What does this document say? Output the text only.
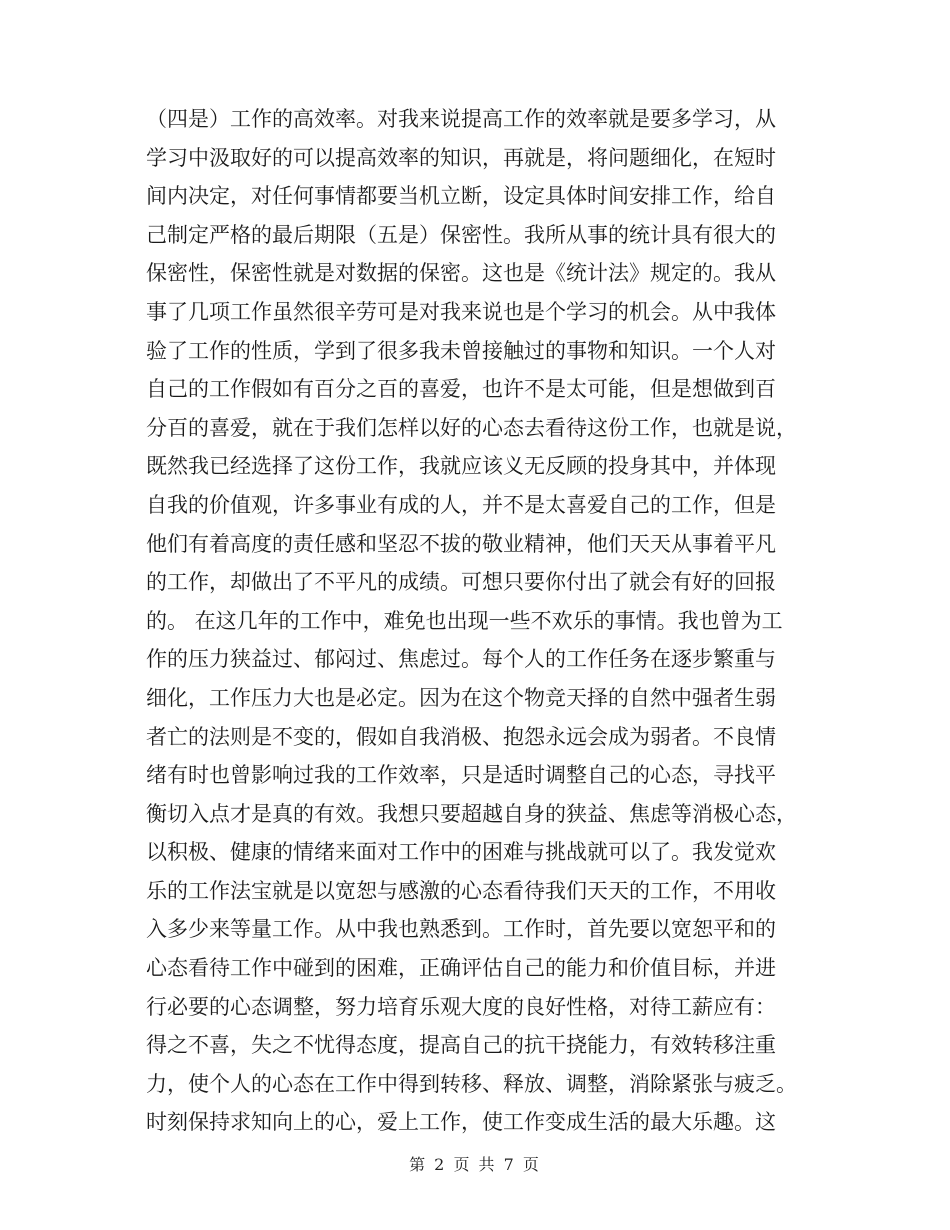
（四是）工作的高效率。对我来说提高工作的效率就是要多学习，从
学习中汲取好的可以提高效率的知识，再就是，将问题细化，在短时
间内决定，对任何事情都要当机立断，设定具体时间安排工作，给自
己制定严格的最后期限（五是）保密性。我所从事的统计具有很大的
保密性，保密性就是对数据的保密。这也是《统计法》规定的。我从
事了几项工作虽然很辛劳可是对我来说也是个学习的机会。从中我体
验了工作的性质，学到了很多我未曾接触过的事物和知识。一个人对
自己的工作假如有百分之百的喜爱，也许不是太可能，但是想做到百
分百的喜爱，就在于我们怎样以好的心态去看待这份工作，也就是说，
既然我已经选择了这份工作，我就应该义无反顾的投身其中，并体现
自我的价值观，许多事业有成的人，并不是太喜爱自己的工作，但是
他们有着高度的责任感和坚忍不拔的敬业精神，他们天天从事着平凡
的工作，却做出了不平凡的成绩。可想只要你付出了就会有好的回报
的。 在这几年的工作中，难免也出现一些不欢乐的事情。我也曾为工
作的压力狭益过、郁闷过、焦虑过。每个人的工作任务在逐步繁重与
细化，工作压力大也是必定。因为在这个物竞天择的自然中强者生弱
者亡的法则是不变的，假如自我消极、抱怨永远会成为弱者。不良情
绪有时也曾影响过我的工作效率，只是适时调整自己的心态，寻找平
衡切入点才是真的有效。我想只要超越自身的狭益、焦虑等消极心态，
以积极、健康的情绪来面对工作中的困难与挑战就可以了。我发觉欢
乐的工作法宝就是以宽恕与感激的心态看待我们天天的工作，不用收
入多少来等量工作。从中我也熟悉到。工作时，首先要以宽恕平和的
心态看待工作中碰到的困难，正确评估自己的能力和价值目标，并进
行必要的心态调整，努力培育乐观大度的良好性格，对待工薪应有：
得之不喜，失之不忧得态度，提高自己的抗干挠能力，有效转移注重
力，使个人的心态在工作中得到转移、释放、调整，消除紧张与疲乏。
时刻保持求知向上的心，爱上工作，使工作变成生活的最大乐趣。这
第 2 页 共 7 页
